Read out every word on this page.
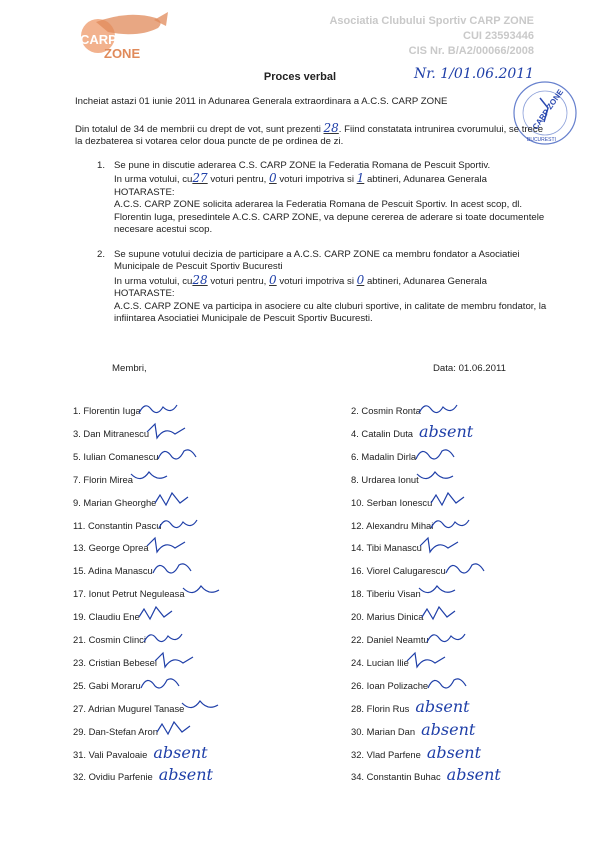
CARP
ZONE
Asociatia Clubului Sportiv CARP ZONE
CUI 23593446
CIS Nr. B/A2/00066/2008
Proces verbal	Nr. 1/01.06.2011
CARP ZONE
BUCURESTI
Incheiat astazi 01 iunie 2011 in Adunarea Generala extraordinara a A.C.S. CARP ZONE
Din totalul de 34 de membrii cu drept de vot, sunt prezenti 28. Fiind constatata intrunirea cvorumului, se trece la dezbaterea si votarea celor doua puncte de pe ordinea de zi.
1. Se pune in discutie aderarea C.S. CARP ZONE la Federatia Romana de Pescuit Sportiv.
In urma votului, cu27 voturi pentru, 0 voturi impotriva si 1 abtineri, Adunarea Generala
HOTARASTE:
A.C.S. CARP ZONE solicita aderarea la Federatia Romana de Pescuit Sportiv. In acest scop, dl. Florentin Iuga, presedintele A.C.S. CARP ZONE, va depune cererea de aderare si toate documentele necesare acestui scop.
2. Se supune votului decizia de participare a A.C.S. CARP ZONE ca membru fondator a Asociatiei Municipale de Pescuit Sportiv Bucuresti
In urma votului, cu28 voturi pentru, 0 voturi impotriva si 0 abtineri, Adunarea Generala
HOTARASTE:
A.C.S. CARP ZONE va participa in asociere cu alte cluburi sportive, in calitate de membru fondator, la infiintarea Asociatiei Municipale de Pescuit Sportiv Bucuresti.
Membri,	Data: 01.06.2011
1. Florentin Iuga
3. Dan Mitranescu
5. Iulian Comanescu
7. Florin Mirea
9. Marian Gheorghe
11. Constantin Pascu
13. George Oprea
15. Adina Manascu
17. Ionut Petrut Neguleasa
19. Claudiu Ene
21. Cosmin Clinci
23. Cristian Bebesel
25. Gabi Moraru
27. Adrian Mugurel Tanase
29. Dan-Stefan Aron
31. Vali Pavaloaie absent
32. Ovidiu Parfenie absent
2. Cosmin Ronta
4. Catalin Duta absent
6. Madalin Dirla
8. Urdarea Ionut
10. Serban Ionescu
12. Alexandru Mihai
14. Tibi Manascu
16. Viorel Calugarescu
18. Tiberiu Visan
20. Marius Dinica
22. Daniel Neamtu
24. Lucian Ilie
26. Ioan Polizache
28. Florin Rus absent
30. Marian Dan absent
32. Vlad Parfene absent
34. Constantin Buhac absent
